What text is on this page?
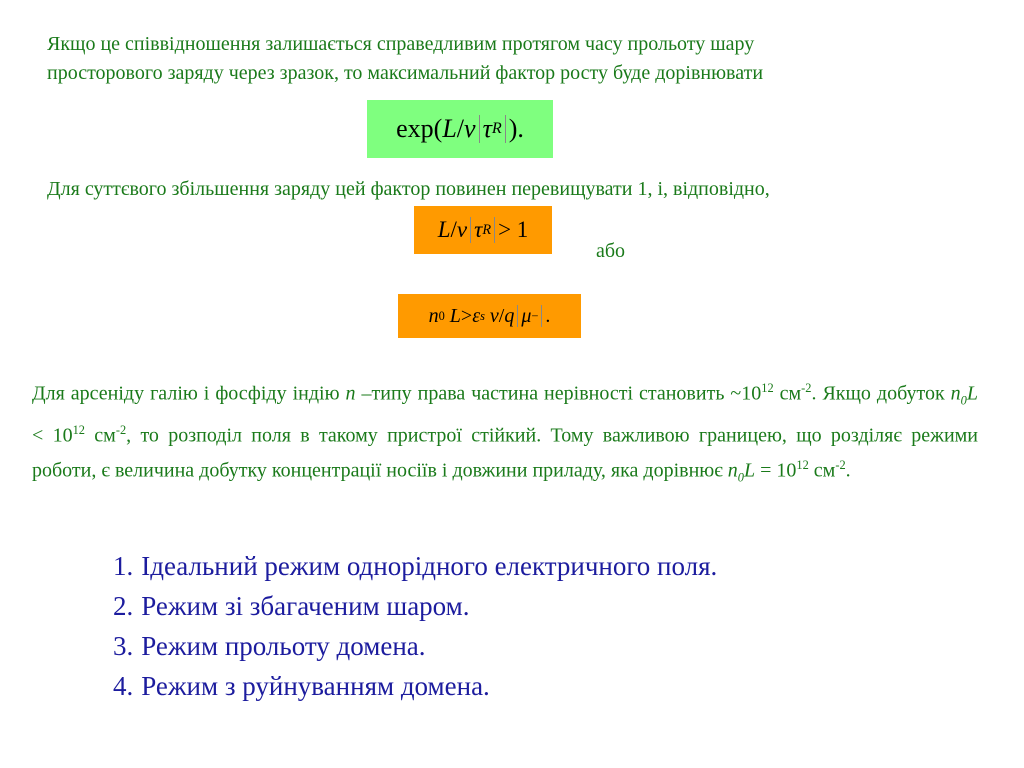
Якщо це співвідношення залишається справедливим протягом часу прольоту шару
просторового заряду через зразок, то максимальний фактор росту буде дорівнювати
exp( L / v τ R ).
Для суттєвого збільшення заряду цей фактор повинен перевищувати 1, і, відповідно,
L / v τ R > 1
або
n 0
L > ε s
v / q μ − .
Для арсеніду галію і фосфіду індію n –типу права частина нерівності становить $\sim 10^{12}$ $см^{-2}$. Якщо добуток $n_0L < 10^{12}$ $см^{-2}$, то розподіл поля в такому пристрої стійкий. Тому важливою границею, що розділяє режими роботи, є величина добутку концентрації носіїв і довжини приладу, яка дорівнює $n_0L = 10^{12}$ $см^{-2}$.
1. Ідеальний режим однорідного електричного поля.
2. Режим зі збагаченим шаром.
3. Режим прольоту домена.
4. Режим з руйнуванням домена.
